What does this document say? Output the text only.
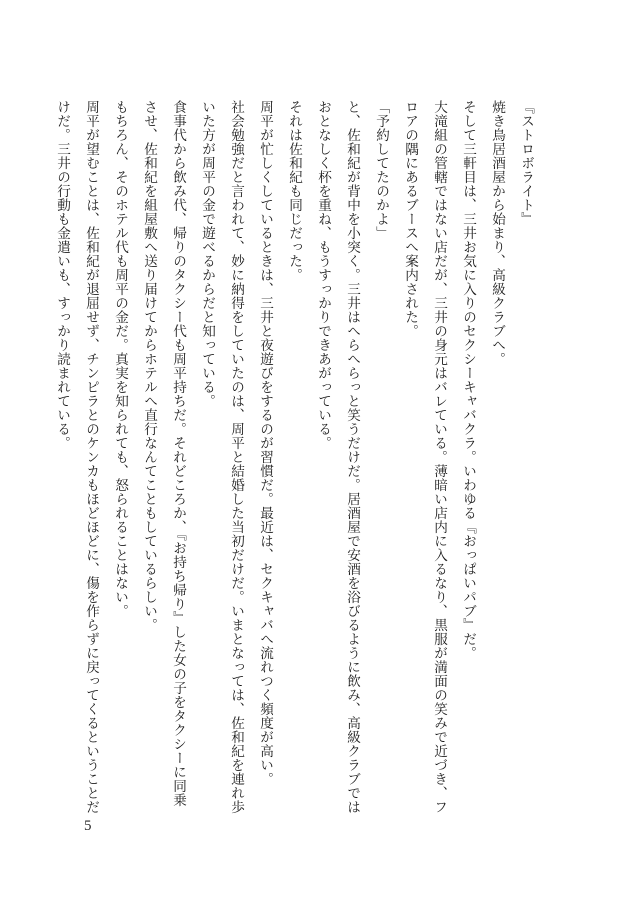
『ストロボライト』

焼き鳥居酒屋から始まり、高級クラブへ。

そして三軒目は、三井お気に入りのセクシーキャバクラ。いわゆる『おっぱいパブ』だ。

大滝組の管轄ではない店だが、三井の身元はバレている。薄暗い店内に入るなり、黒服が満面の笑みで近づき、フ

ロアの隅にあるブースへ案内された。

「予約してたのかよ」

と、佐和紀が背中を小突く。三井はへらへらっと笑うだけだ。居酒屋で安酒を浴びるように飲み、高級クラブでは

おとなしく杯を重ね、もうすっかりできあがっている。

それは佐和紀も同じだった。

周平が忙しくしているときは、三井と夜遊びをするのが習慣だ。最近は、セクキャバへ流れつく頻度が高い。

社会勉強だと言われて、妙に納得をしていたのは、周平と結婚した当初だけだ。いまとなっては、佐和紀を連れ歩

いた方が周平の金で遊べるからだと知っている。

食事代から飲み代、帰りのタクシー代も周平持ちだ。それどころか、『お持ち帰り』した女の子をタクシーに同乗

させ、佐和紀を組屋敷へ送り届けてからホテルへ直行なんてこともしているらしい。

もちろん、そのホテル代も周平の金だ。真実を知られても、怒られることはない。

周平が望むことは、佐和紀が退屈せず、チンピラとのケンカもほどほどに、傷を作らずに戻ってくるということだ

けだ。三井の行動も金遣いも、すっかり読まれている。

5
